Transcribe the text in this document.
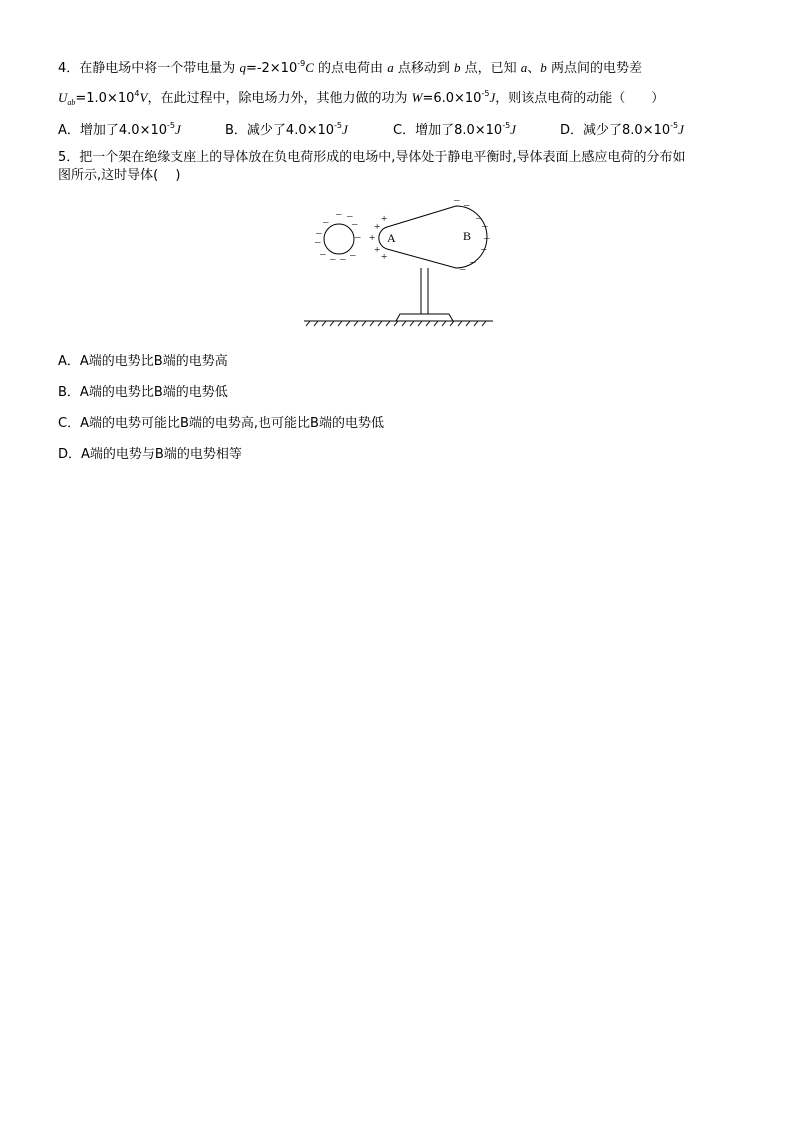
4．在静电场中将一个带电量为 $q=-2\times 10^{-9}C$ 的点电荷由 a 点移动到 b 点，已知 a、b 两点间的电势差
$U_{ab}=1.0\times 10^4V$，在此过程中，除电场力外，其他力做的功为 $W=6.0\times 10^{-5}J$，则该点电荷的动能（　　）
A．增加了$4.0\times 10^{-5}J$	B．减少了$4.0\times 10^{-5}J$	C．增加了$8.0\times 10^{-5}J$	D．减少了$8.0\times 10^{-5}J$
5．把一个架在绝缘支座上的导体放在负电荷形成的电场中,导体处于静电平衡时,导体表面上感应电荷的分布如
图所示,这时导体(　 )
– –
– –
–
–	–
– – – –
A	B
+
+
+
+
+
– –
–
–
–
–
–
–
A．A端的电势比B端的电势高
B．A端的电势比B端的电势低
C．A端的电势可能比B端的电势高,也可能比B端的电势低
D．A端的电势与B端的电势相等
